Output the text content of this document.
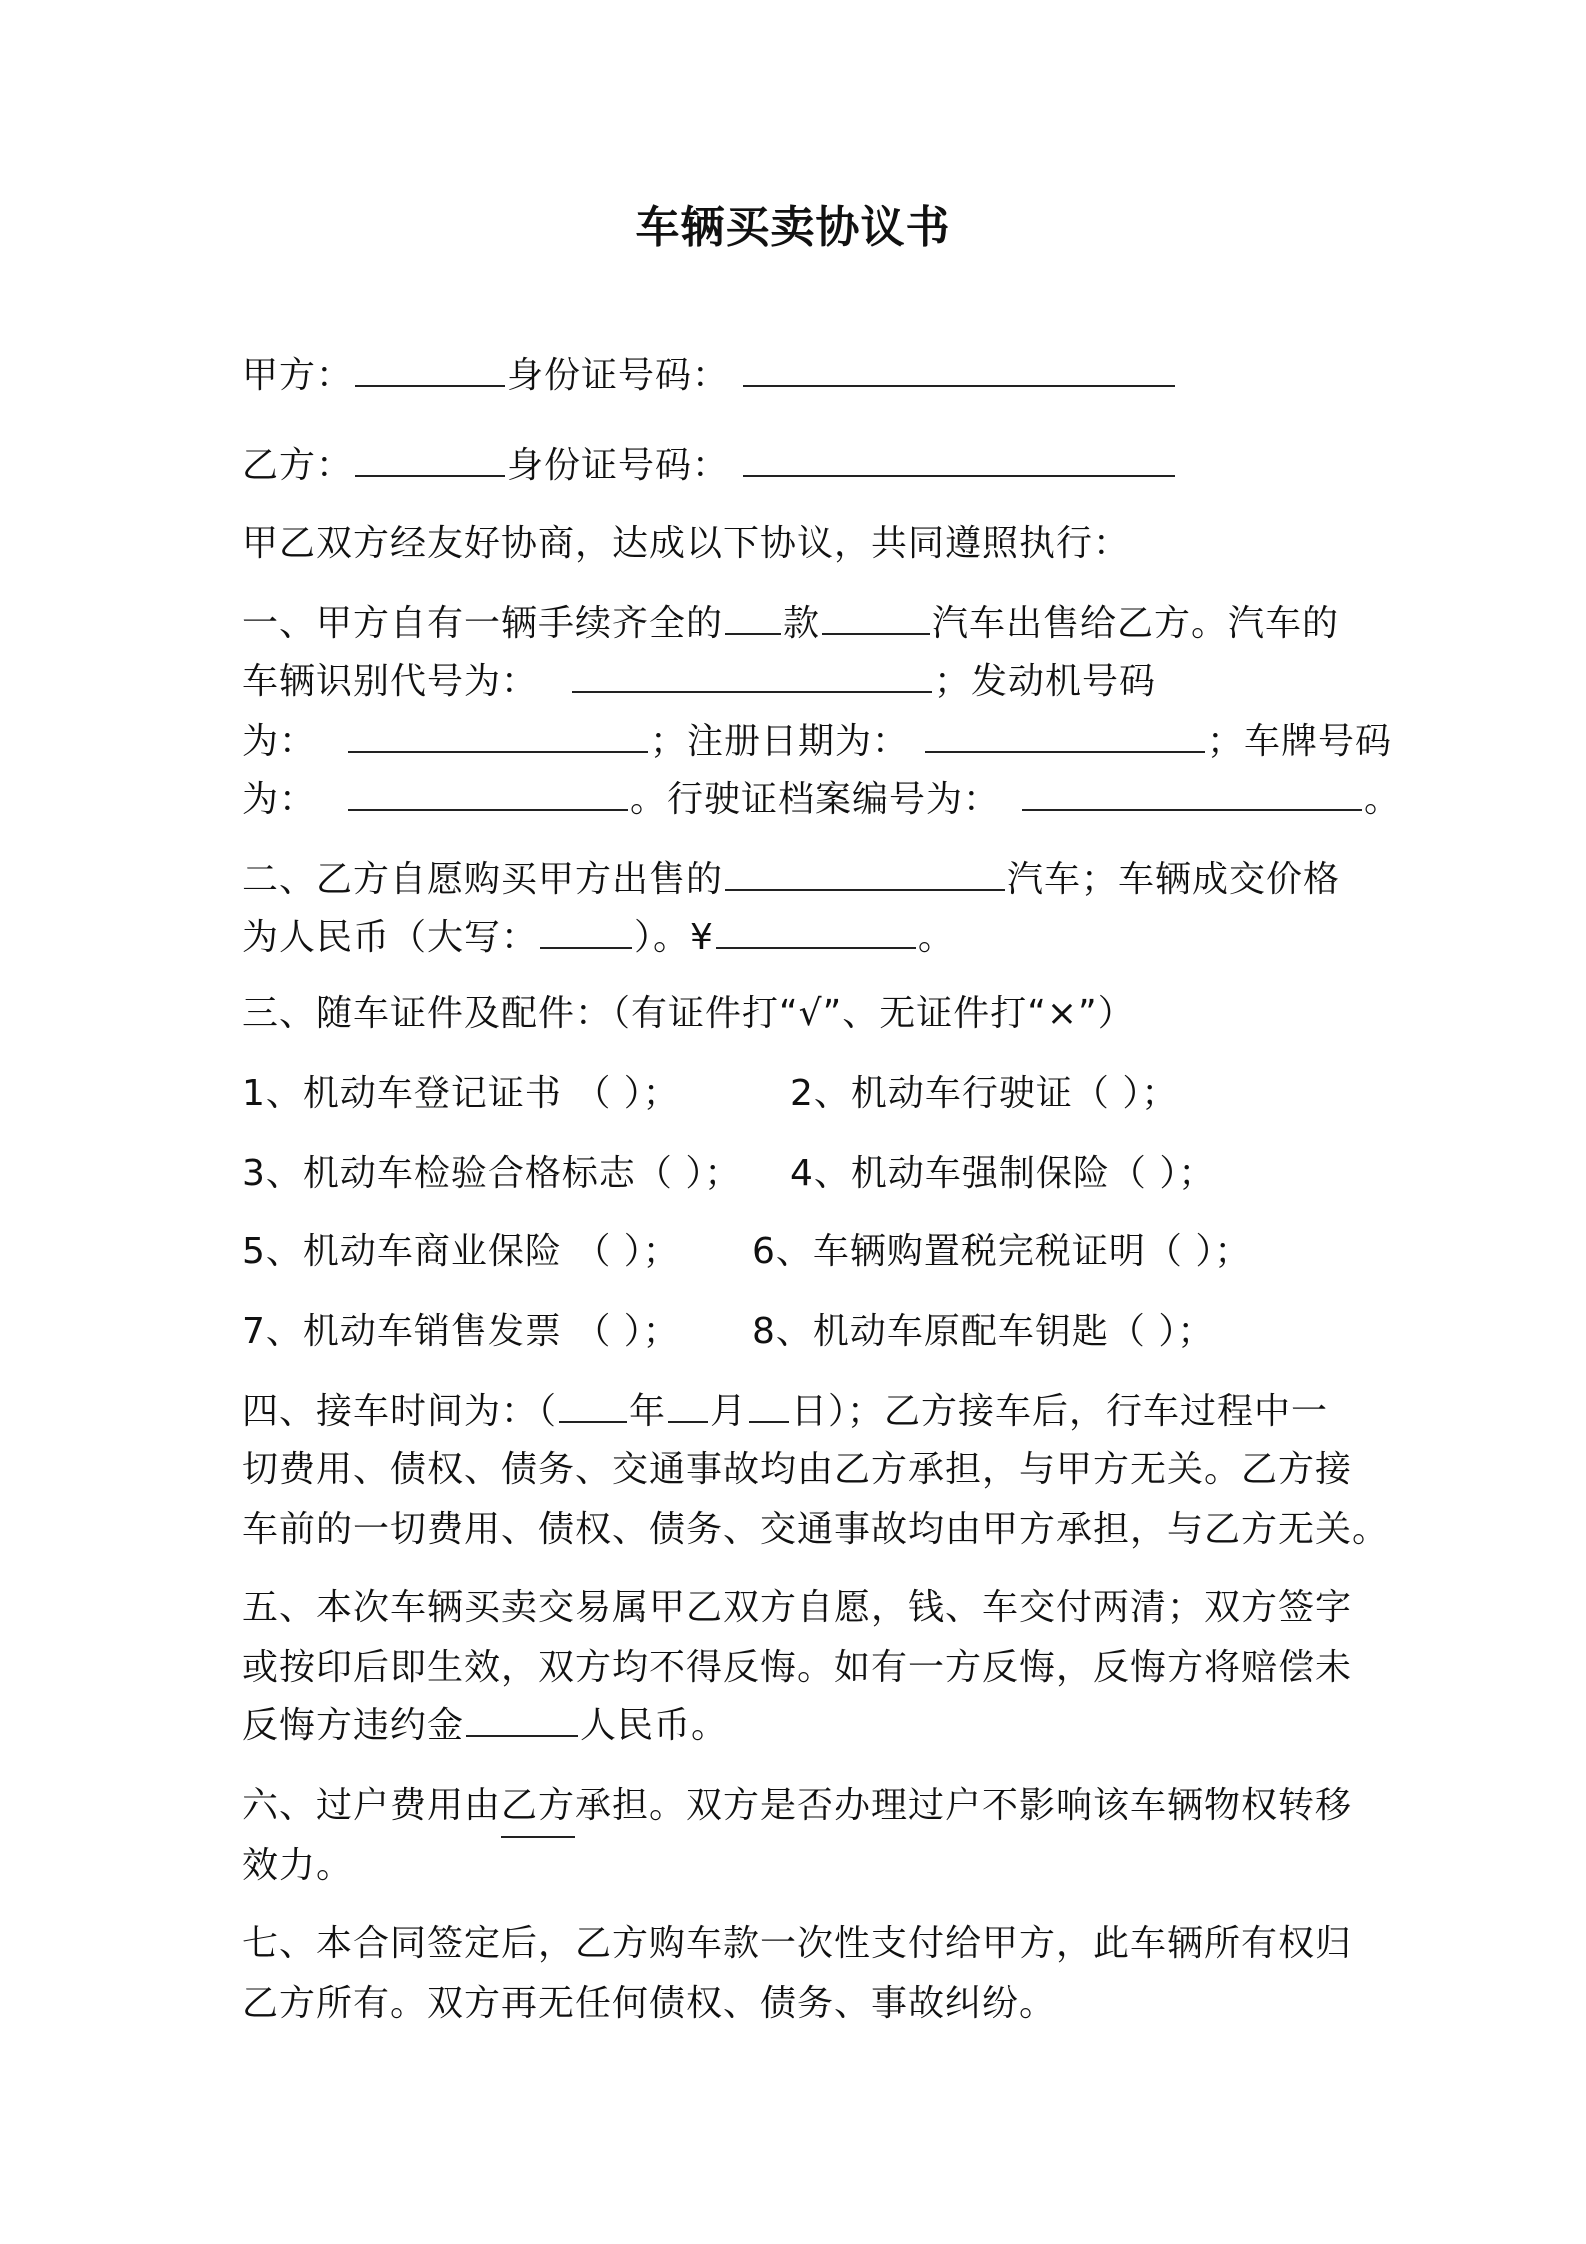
车辆买卖协议书
甲方：	身份证号码：
乙方：	身份证号码：
甲乙双方经友好协商，达成以下协议，共同遵照执行：
一、甲方自有一辆手续齐全的 款	汽车出售给乙方。汽车的
车辆识别代号为：	；发动机号码
为：	；注册日期为：	；车牌号码
为：	。行驶证档案编号为：	。
二、乙方自愿购买甲方出售的	汽车；车辆成交价格
为人民币（大写：	）。¥	。
三、随车证件及配件：（有证件打“√”、无证件打“×”）
1、机动车登记证书 （ ）；	2、机动车行驶证（ ）；
3、机动车检验合格标志（ ）； 4、机动车强制保险（ ）；
5、机动车商业保险 （ ）； 6、车辆购置税完税证明（ ）；
7、机动车销售发票 （ ）； 8、机动车原配车钥匙（ ）；
四、接车时间为：（ 年 月 日）；乙方接车后，行车过程中一
切费用、债权、债务、交通事故均由乙方承担，与甲方无关。乙方接
车前的一切费用、债权、债务、交通事故均由甲方承担，与乙方无关。
五、本次车辆买卖交易属甲乙双方自愿，钱、车交付两清；双方签字
或按印后即生效，双方均不得反悔。如有一方反悔，反悔方将赔偿未
反悔方违约金	人民币。
六、过户费用由乙方承担。双方是否办理过户不影响该车辆物权转移
效力。
七、本合同签定后，乙方购车款一次性支付给甲方，此车辆所有权归
乙方所有。双方再无任何债权、债务、事故纠纷。
